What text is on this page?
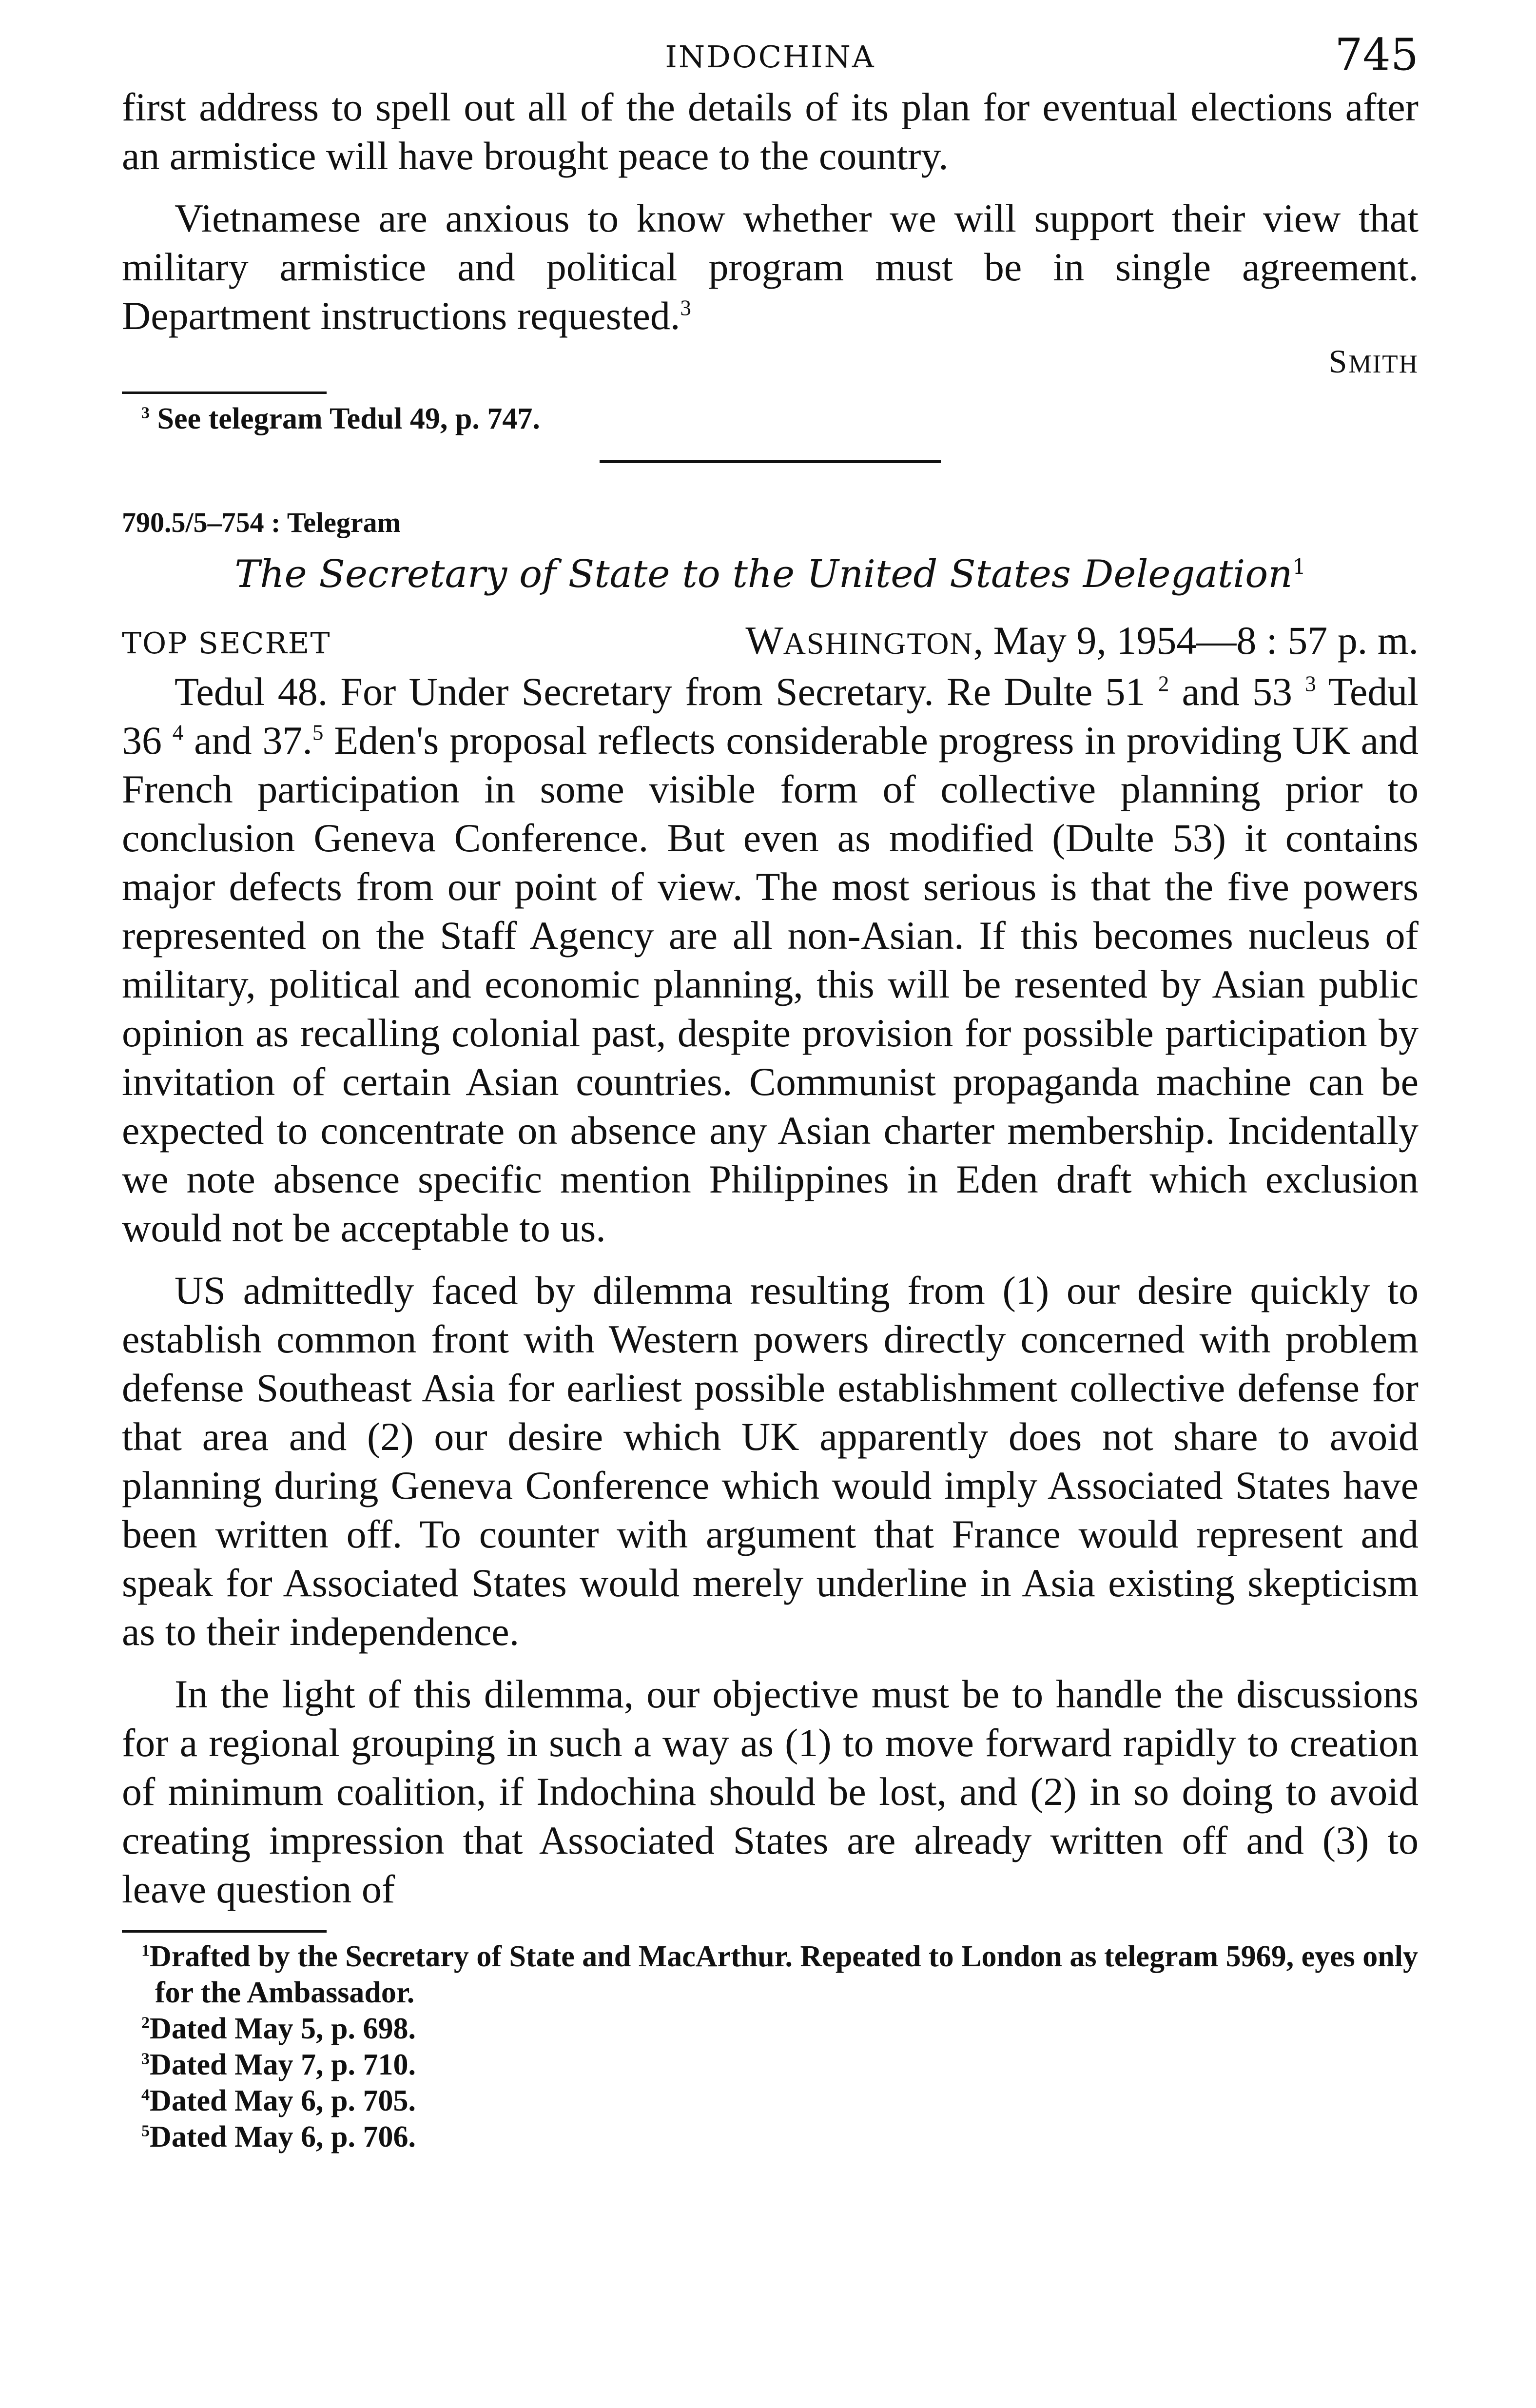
INDOCHINA	745

first address to spell out all of the details of its plan for eventual elections after an armistice will have brought peace to the country.

Vietnamese are anxious to know whether we will support their view that military armistice and political program must be in single agreement. Department instructions requested.$^3$

SMITH

$^3$ See telegram Tedul 49, p. 747.

790.5/5–754 : Telegram

The Secretary of State to the United States Delegation$^1$

TOP SECRET	WASHINGTON, May 9, 1954—8 : 57 p. m.

Tedul 48. For Under Secretary from Secretary. Re Dulte 51 $^2$ and 53 $^3$ Tedul 36 $^4$ and 37.$^5$ Eden's proposal reflects considerable progress in providing UK and French participation in some visible form of collective planning prior to conclusion Geneva Conference. But even as modified (Dulte 53) it contains major defects from our point of view. The most serious is that the five powers represented on the Staff Agency are all non-Asian. If this becomes nucleus of military, political and economic planning, this will be resented by Asian public opinion as recalling colonial past, despite provision for possible participation by invitation of certain Asian countries. Communist propaganda machine can be expected to concentrate on absence any Asian charter membership. Incidentally we note absence specific mention Philippines in Eden draft which exclusion would not be acceptable to us.

US admittedly faced by dilemma resulting from (1) our desire quickly to establish common front with Western powers directly concerned with problem defense Southeast Asia for earliest possible establishment collective defense for that area and (2) our desire which UK apparently does not share to avoid planning during Geneva Conference which would imply Associated States have been written off. To counter with argument that France would represent and speak for Associated States would merely underline in Asia existing skepticism as to their independence.

In the light of this dilemma, our objective must be to handle the discussions for a regional grouping in such a way as (1) to move forward rapidly to creation of minimum coalition, if Indochina should be lost, and (2) in so doing to avoid creating impression that Associated States are already written off and (3) to leave question of

$^1$Drafted by the Secretary of State and MacArthur. Repeated to London as telegram 5969, eyes only for the Ambassador.

$^2$Dated May 5, p. 698.

$^3$Dated May 7, p. 710.

$^4$Dated May 6, p. 705.

$^5$Dated May 6, p. 706.
